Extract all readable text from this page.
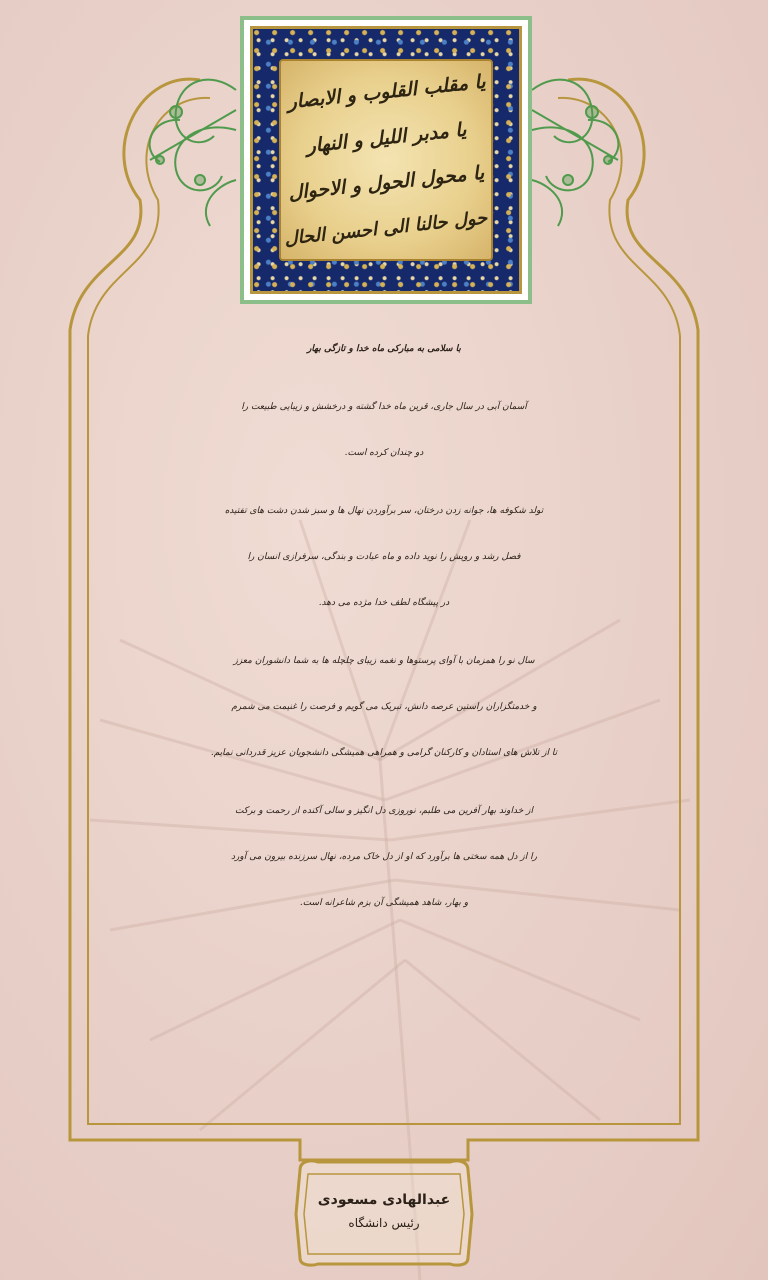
یا مقلب القلوب و الابصار
یا مدبر اللیل و النهار
یا محول الحول و الاحوال
حول حالنا الی احسن الحال
با سلامی به مبارکی ماه خدا و تازگی بهار
آسمان آبی در سال جاری، قرین ماه خدا گشته و درخشش و زیبایی طبیعت را
دو چندان کرده است.
تولد شکوفه ها، جوانه زدن درختان، سر برآوردن نهال ها و سبز شدن دشت های تفتیده
فصل رشد و رویش را نوید داده و ماه عبادت و بندگی، سرفرازی انسان را
در پیشگاه لطف خدا مژده می دهد.
سال نو را همزمان با آوای پرستوها و نغمه زیبای چلچله ها به شما دانشوران معزز
و خدمتگزاران راستین عرصه دانش، تبریک می گویم و فرصت را غنیمت می شمرم
تا از تلاش های استادان و کارکنان گرامی و همراهی همیشگی دانشجویان عزیز قدردانی نمایم.
از خداوند بهار آفرین می طلبم، نوروزی دل انگیز و سالی آکنده از رحمت و برکت
را از دل همه سختی ها برآورد که او از دل خاک مرده، نهال سرزنده بیرون می آورد
و بهار، شاهد همیشگی آن بزم شاعرانه است.
عبدالهادی مسعودی
رئیس دانشگاه
